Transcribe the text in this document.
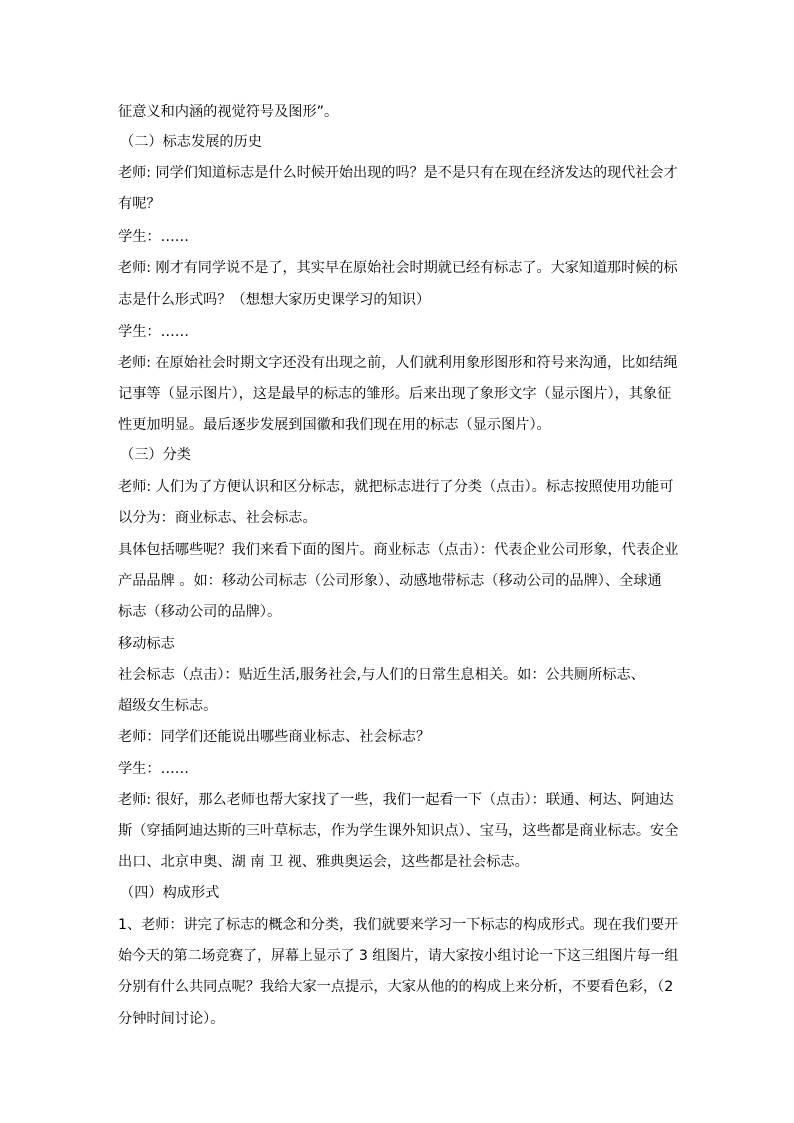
征意义和内涵的视觉符号及图形”。
（二）标志发展的历史
老师: 同学们知道标志是什么时候开始出现的吗？是不是只有在现在经济发达的现代社会才
有呢？
学生：……
老师: 刚才有同学说不是了，其实早在原始社会时期就已经有标志了。大家知道那时候的标
志是什么形式吗？（想想大家历史课学习的知识）
学生：……
老师: 在原始社会时期文字还没有出现之前，人们就利用象形图形和符号来沟通，比如结绳
记事等（显示图片），这是最早的标志的雏形。后来出现了象形文字（显示图片），其象征
性更加明显。最后逐步发展到国徽和我们现在用的标志（显示图片）。
（三）分类
老师: 人们为了方便认识和区分标志，就把标志进行了分类（点击）。标志按照使用功能可
以分为：商业标志、社会标志。
具体包括哪些呢？我们来看下面的图片。商业标志（点击）：代表企业公司形象，代表企业
产品品牌 。如：移动公司标志（公司形象）、动感地带标志（移动公司的品牌）、全球通
标志（移动公司的品牌）。
移动标志
社会标志（点击）：贴近生活,服务社会,与人们的日常生息相关。如：公共厕所标志、
超级女生标志。
老师：同学们还能说出哪些商业标志、社会标志？
学生：……
老师: 很好，那么老师也帮大家找了一些，我们一起看一下（点击）：联通、柯达、阿迪达
斯（穿插阿迪达斯的三叶草标志，作为学生课外知识点）、宝马，这些都是商业标志。安全
出口、北京申奥、湖 南 卫 视、雅典奥运会，这些都是社会标志。
（四）构成形式
1、老师：讲完了标志的概念和分类，我们就要来学习一下标志的构成形式。现在我们要开
始今天的第二场竞赛了，屏幕上显示了 3 组图片，请大家按小组讨论一下这三组图片每一组
分别有什么共同点呢？我给大家一点提示，大家从他的的构成上来分析，不要看色彩，（2
分钟时间讨论）。
